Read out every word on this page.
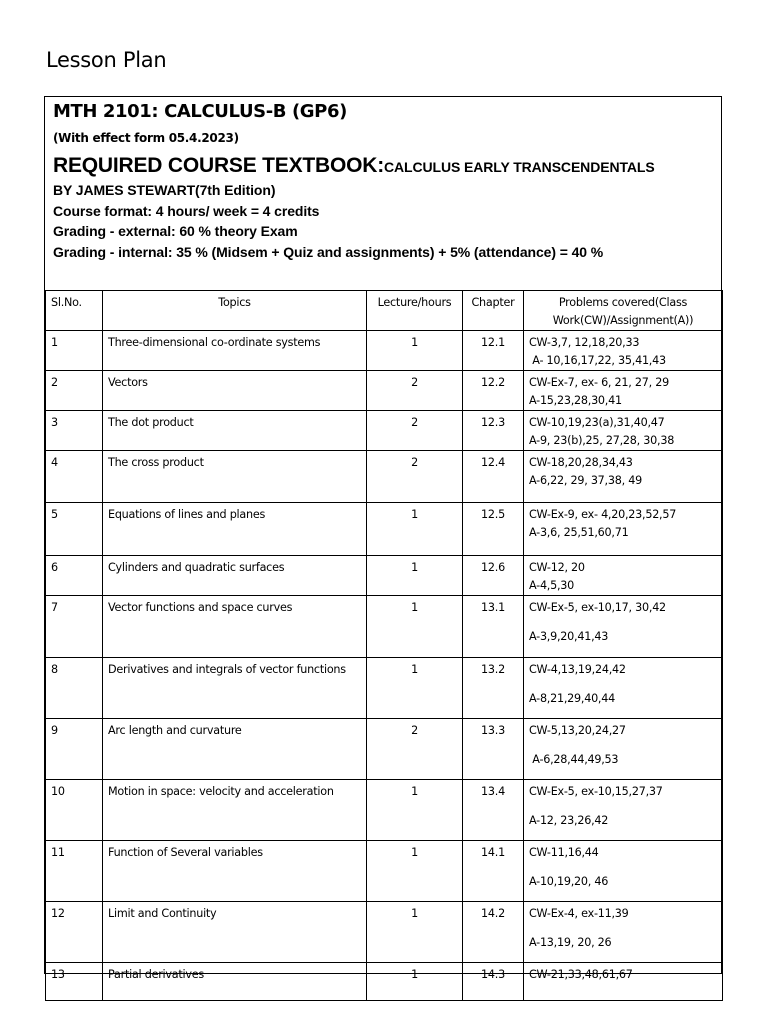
Lesson Plan
MTH 2101: CALCULUS-B (GP6)
(With effect form 05.4.2023)
REQUIRED COURSE TEXTBOOK:CALCULUS EARLY TRANSCENDENTALS
BY JAMES STEWART(7th Edition)
Course format: 4 hours/ week = 4 credits
Grading - external: 60 % theory Exam
Grading - internal: 35 % (Midsem + Quiz and assignments) + 5% (attendance) = 40 %
Sl.No.	Topics	Lecture/hours	Chapter	Problems covered(Class
Work(CW)/Assignment(A))

1	Three-dimensional co-ordinate systems	1	12.1	CW-3,7, 12,18,20,33
A- 10,16,17,22, 35,41,43

2	Vectors	2	12.2	CW-Ex-7, ex- 6, 21, 27, 29
A-15,23,28,30,41

3	The dot product	2	12.3	CW-10,19,23(a),31,40,47
A-9, 23(b),25, 27,28, 30,38

4	The cross product	2	12.4	CW-18,20,28,34,43
A-6,22, 29, 37,38, 49

5	Equations of lines and planes	1	12.5	CW-Ex-9, ex- 4,20,23,52,57
A-3,6, 25,51,60,71

6	Cylinders and quadratic surfaces	1	12.6	CW-12, 20
A-4,5,30

7	Vector functions and space curves	1	13.1	CW-Ex-5, ex-10,17, 30,42
A-3,9,20,41,43

8	Derivatives and integrals of vector functions	1	13.2	CW-4,13,19,24,42
A-8,21,29,40,44

9	Arc length and curvature	2	13.3	CW-5,13,20,24,27
A-6,28,44,49,53

10	Motion in space: velocity and acceleration	1	13.4	CW-Ex-5, ex-10,15,27,37
A-12, 23,26,42

11	Function of Several variables	1	14.1	CW-11,16,44
A-10,19,20, 46

12	Limit and Continuity	1	14.2	CW-Ex-4, ex-11,39
A-13,19, 20, 26

13	Partial derivatives	1	14.3	CW-21,33,48,61,67
